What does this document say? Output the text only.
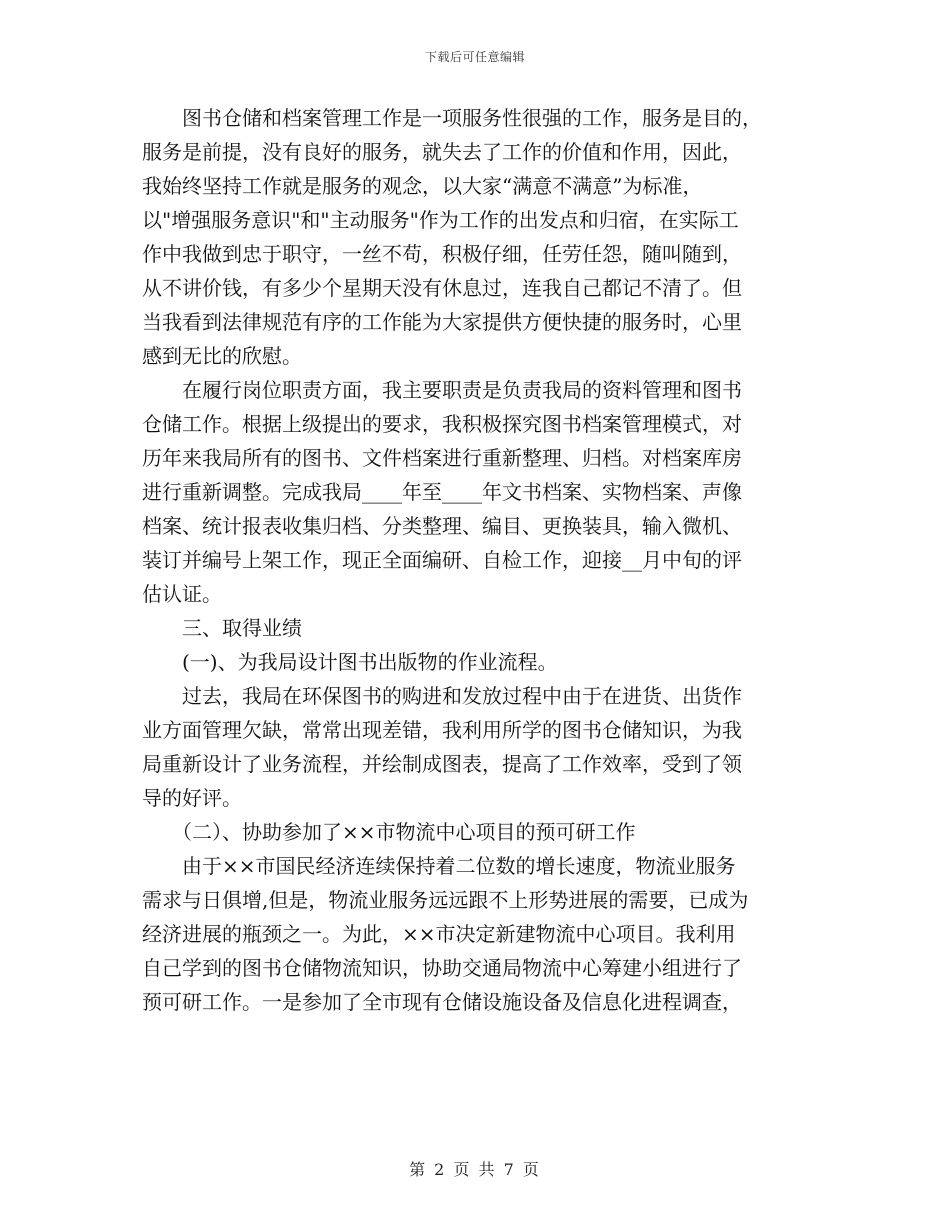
下载后可任意编辑
　　图书仓储和档案管理工作是一项服务性很强的工作，服务是目的，
服务是前提，没有良好的服务，就失去了工作的价值和作用，因此，
我始终坚持工作就是服务的观念，以大家“满意不满意”为标准，
以"增强服务意识"和"主动服务"作为工作的出发点和归宿，在实际工
作中我做到忠于职守，一丝不苟，积极仔细，任劳任怨，随叫随到，
从不讲价钱，有多少个星期天没有休息过，连我自己都记不清了。但
当我看到法律规范有序的工作能为大家提供方便快捷的服务时，心里
感到无比的欣慰。
　　在履行岗位职责方面，我主要职责是负责我局的资料管理和图书
仓储工作。根据上级提出的要求，我积极探究图书档案管理模式，对
历年来我局所有的图书、文件档案进行重新整理、归档。对档案库房
进行重新调整。完成我局____年至____年文书档案、实物档案、声像
档案、统计报表收集归档、分类整理、编目、更换装具，输入微机、
装订并编号上架工作，现正全面编研、自检工作，迎接__月中旬的评
估认证。
　　三、取得业绩
　　(一)、为我局设计图书出版物的作业流程。
　　过去，我局在环保图书的购进和发放过程中由于在进货、出货作
业方面管理欠缺，常常出现差错，我利用所学的图书仓储知识，为我
局重新设计了业务流程，并绘制成图表，提高了工作效率，受到了领
导的好评。
　　（二）、协助参加了××市物流中心项目的预可研工作
　　由于××市国民经济连续保持着二位数的增长速度，物流业服务
需求与日俱增,但是，物流业服务远远跟不上形势进展的需要，已成为
经济进展的瓶颈之一。为此，××市决定新建物流中心项目。我利用
自己学到的图书仓储物流知识，协助交通局物流中心筹建小组进行了
预可研工作。一是参加了全市现有仓储设施设备及信息化进程调查，
第 2 页 共 7 页
